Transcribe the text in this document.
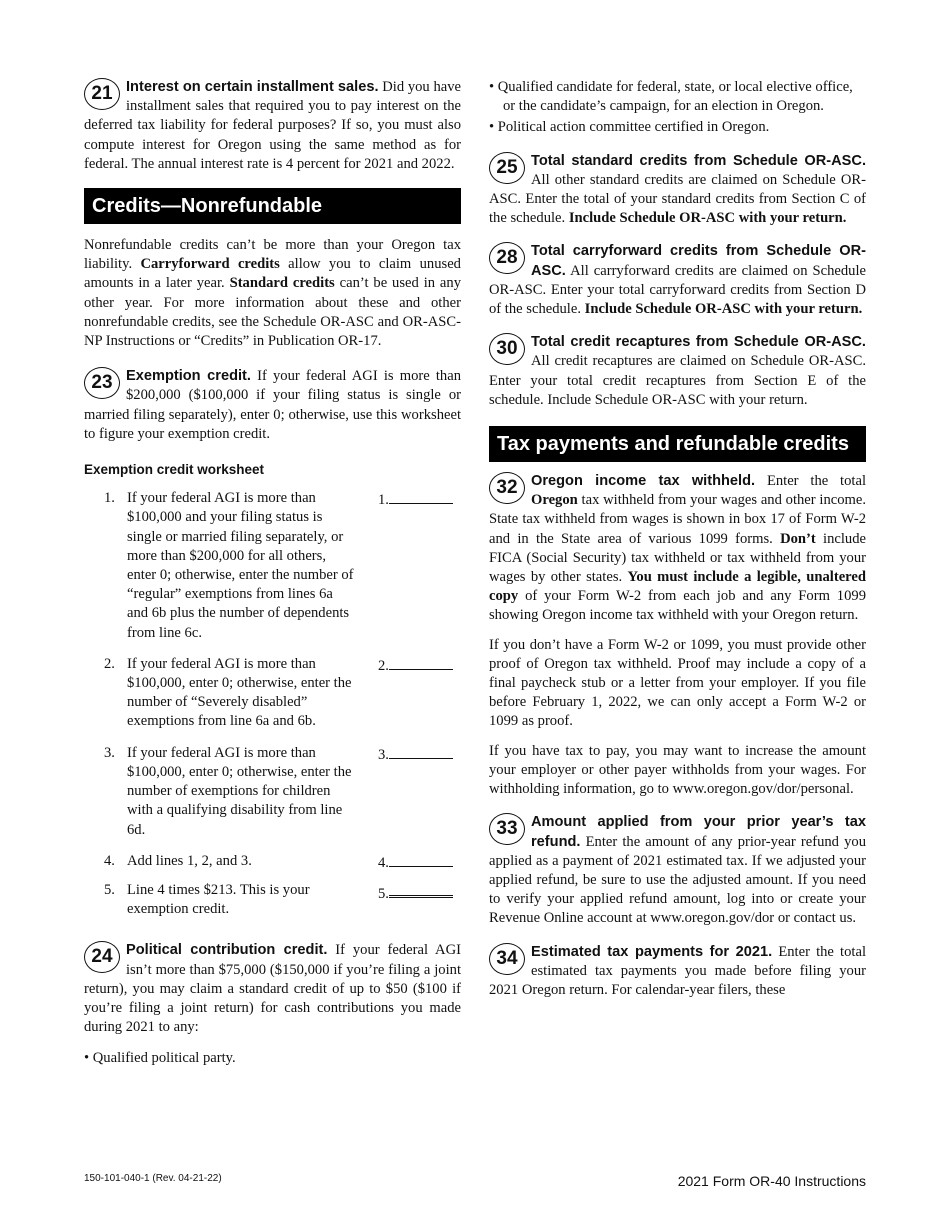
21 Interest on certain installment sales. Did you have installment sales that required you to pay interest on the deferred tax liability for federal purposes? If so, you must also compute interest for Oregon using the same method as for federal. The annual interest rate is 4 percent for 2021 and 2022.

Credits—Nonrefundable

Nonrefundable credits can’t be more than your Oregon tax liability. Carryforward credits allow you to claim unused amounts in a later year. Standard credits can’t be used in any other year. For more information about these and other nonrefundable credits, see the Schedule OR-ASC and OR-ASC-NP Instructions or “Credits” in Publication OR-17.

23 Exemption credit. If your federal AGI is more than $200,000 ($100,000 if your filing status is single or married filing separately), enter 0; otherwise, use this worksheet to figure your exemption credit.

Exemption credit worksheet
1. If your federal AGI is more than $100,000 and your filing status is single or married filing separately, or more than $200,000 for all others, enter 0; otherwise, enter the number of “regular” exemptions from lines 6a and 6b plus the number of dependents from line 6c.
1.
2. If your federal AGI is more than $100,000, enter 0; otherwise, enter the number of “Severely disabled” exemptions from line 6a and 6b.
2.
3. If your federal AGI is more than $100,000, enter 0; otherwise, enter the number of exemptions for children with a qualifying disability from line 6d.
3.
4. Add lines 1, 2, and 3.	4.
5. Line 4 times $213. This is your exemption credit.
5.
24 Political contribution credit. If your federal AGI isn’t more than $75,000 ($150,000 if you’re filing a joint return), you may claim a standard credit of up to $50 ($100 if you’re filing a joint return) for cash contributions you made during 2021 to any:

• Qualified political party.

• Qualified candidate for federal, state, or local elective office, or the candidate’s campaign, for an election in Oregon.

• Political action committee certified in Oregon.

25 Total standard credits from Schedule OR-ASC. All other standard credits are claimed on Schedule OR-ASC. Enter the total of your standard credits from Section C of the schedule. Include Schedule OR-ASC with your return.

28 Total carryforward credits from Schedule OR-ASC. All carryforward credits are claimed on Schedule OR-ASC. Enter your total carryforward credits from Section D of the schedule. Include Schedule OR-ASC with your return.

30 Total credit recaptures from Schedule OR-ASC. All credit recaptures are claimed on Schedule OR-ASC. Enter your total credit recaptures from Section E of the schedule. Include Schedule OR-ASC with your return.

Tax payments and refundable credits
32 Oregon income tax withheld. Enter the total Oregon tax withheld from your wages and other income. State tax withheld from wages is shown in box 17 of Form W-2 and in the State area of various 1099 forms. Don’t include FICA (Social Security) tax withheld or tax withheld from your wages by other states. You must include a legible, unaltered copy of your Form W-2 from each job and any Form 1099 showing Oregon income tax withheld with your Oregon return.

If you don’t have a Form W-2 or 1099, you must provide other proof of Oregon tax withheld. Proof may include a copy of a final paycheck stub or a letter from your employer. If you file before February 1, 2022, we can only accept a Form W-2 or 1099 as proof.

If you have tax to pay, you may want to increase the amount your employer or other payer withholds from your wages. For withholding information, go to www.oregon.gov/dor/personal.

33 Amount applied from your prior year’s tax refund. Enter the amount of any prior-year refund you applied as a payment of 2021 estimated tax. If we adjusted your applied refund, be sure to use the adjusted amount. If you need to verify your applied refund amount, log into or create your Revenue Online account at www.oregon.gov/dor or contact us.

34 Estimated tax payments for 2021. Enter the total estimated tax payments you made before filing your 2021 Oregon return. For calendar-year filers, these

150-101-040-1 (Rev. 04-21-22)	2021 Form OR-40 Instructions
